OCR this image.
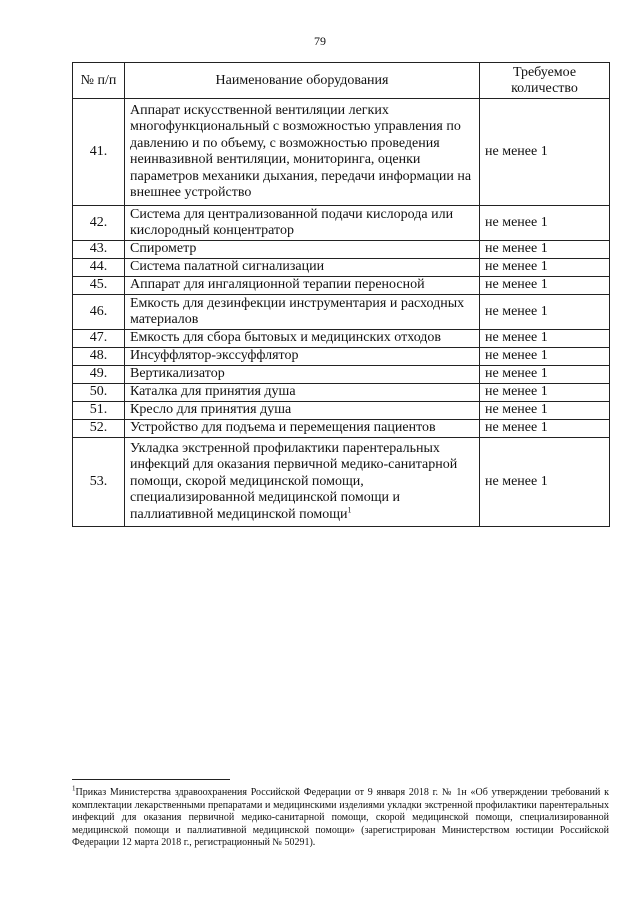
79
№ п/п	Наименование оборудования	Требуемое количество
41.	Аппарат искусственной вентиляции легких многофункциональный с возможностью управления по давлению и по объему, с возможностью проведения неинвазивной вентиляции, мониторинга, оценки параметров механики дыхания, передачи информации на внешнее устройство	не менее 1
42.	Система для централизованной подачи кислорода или кислородный концентратор	не менее 1
43.	Спирометр	не менее 1
44.	Система палатной сигнализации	не менее 1
45.	Аппарат для ингаляционной терапии переносной	не менее 1
46.	Емкость для дезинфекции инструментария и расходных материалов	не менее 1
47.	Емкость для сбора бытовых и медицинских отходов	не менее 1
48.	Инсуффлятор-экссуффлятор	не менее 1
49.	Вертикализатор	не менее 1
50.	Каталка для принятия душа	не менее 1
51.	Кресло для принятия душа	не менее 1
52.	Устройство для подъема и перемещения пациентов	не менее 1
53.	Укладка экстренной профилактики парентеральных инфекций для оказания первичной медико-санитарной помощи, скорой медицинской помощи, специализированной медицинской помощи и паллиативной медицинской помощи$^1$	не менее 1
$^1$Приказ Министерства здравоохранения Российской Федерации от 9 января 2018 г. № 1н «Об утверждении требований к комплектации лекарственными препаратами и медицинскими изделиями укладки экстренной профилактики парентеральных инфекций для оказания первичной медико-санитарной помощи, скорой медицинской помощи, специализированной медицинской помощи и паллиативной медицинской помощи» (зарегистрирован Министерством юстиции Российской Федерации 12 марта 2018 г., регистрационный № 50291).
